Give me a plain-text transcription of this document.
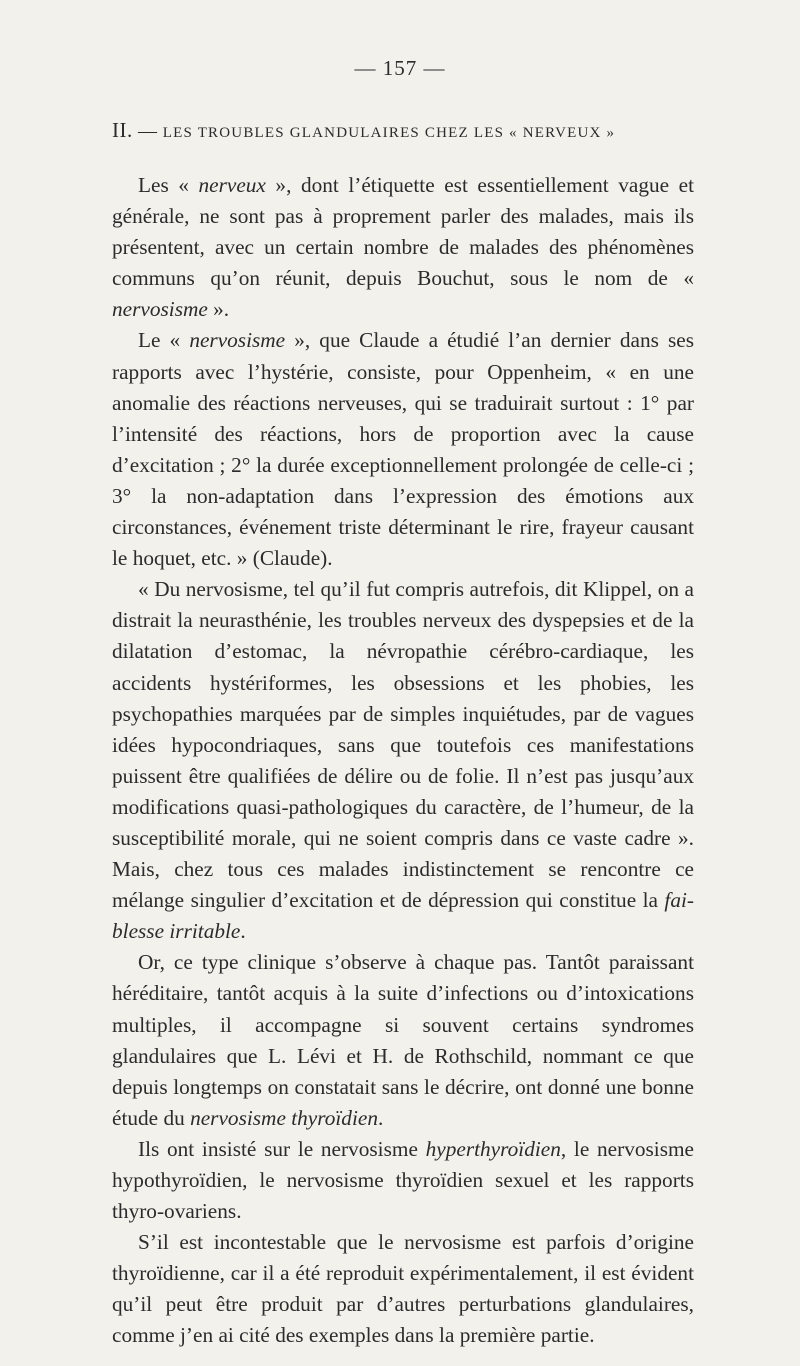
— 157 —
II. — LES TROUBLES GLANDULAIRES CHEZ LES « NERVEUX »

Les « nerveux », dont l’étiquette est essentiellement vague et générale, ne sont pas à proprement parler des malades, mais ils présentent, avec un certain nombre de malades des phénomènes communs qu’on réunit, depuis Bouchut, sous le nom de « nervosisme ».

Le « nervosisme », que Claude a étudié l’an dernier dans ses rapports avec l’hystérie, consiste, pour Oppenheim, « en une anomalie des réactions nerveuses, qui se traduirait surtout : 1° par l’intensité des réactions, hors de proportion avec la cause d’excitation ; 2° la durée exceptionnellement prolongée de celle-ci ; 3° la non-adaptation dans l’expression des émotions aux circonstances, événement triste déterminant le rire, frayeur causant le hoquet, etc. » (Claude).

« Du nervosisme, tel qu’il fut compris autrefois, dit Klippel, on a distrait la neurasthénie, les troubles nerveux des dyspepsies et de la dilatation d’estomac, la névropathie cérébro-cardiaque, les accidents hystériformes, les obsessions et les phobies, les psychopathies marquées par de simples inquiétudes, par de vagues idées hypocondriaques, sans que toutefois ces manifestations puissent être qualifiées de délire ou de folie. Il n’est pas jusqu’aux modifications quasi-pathologiques du caractère, de l’humeur, de la susceptibilité morale, qui ne soient compris dans ce vaste cadre ». Mais, chez tous ces malades indistinctement se rencontre ce mélange singulier d’excitation et de dépression qui constitue la faiblesse irritable.

Or, ce type clinique s’observe à chaque pas. Tantôt paraissant héréditaire, tantôt acquis à la suite d’infections ou d’intoxications multiples, il accompagne si souvent certains syndromes glandulaires que L. Lévi et H. de Rothschild, nommant ce que depuis longtemps on constatait sans le décrire, ont donné une bonne étude du nervosisme thyroïdien.

Ils ont insisté sur le nervosisme hyperthyroïdien, le nervosisme hypothyroïdien, le nervosisme thyroïdien sexuel et les rapports thyro-ovariens.

S’il est incontestable que le nervosisme est parfois d’origine thyroïdienne, car il a été reproduit expérimentalement, il est évident qu’il peut être produit par d’autres perturbations glandulaires, comme j’en ai cité des exemples dans la première partie.
